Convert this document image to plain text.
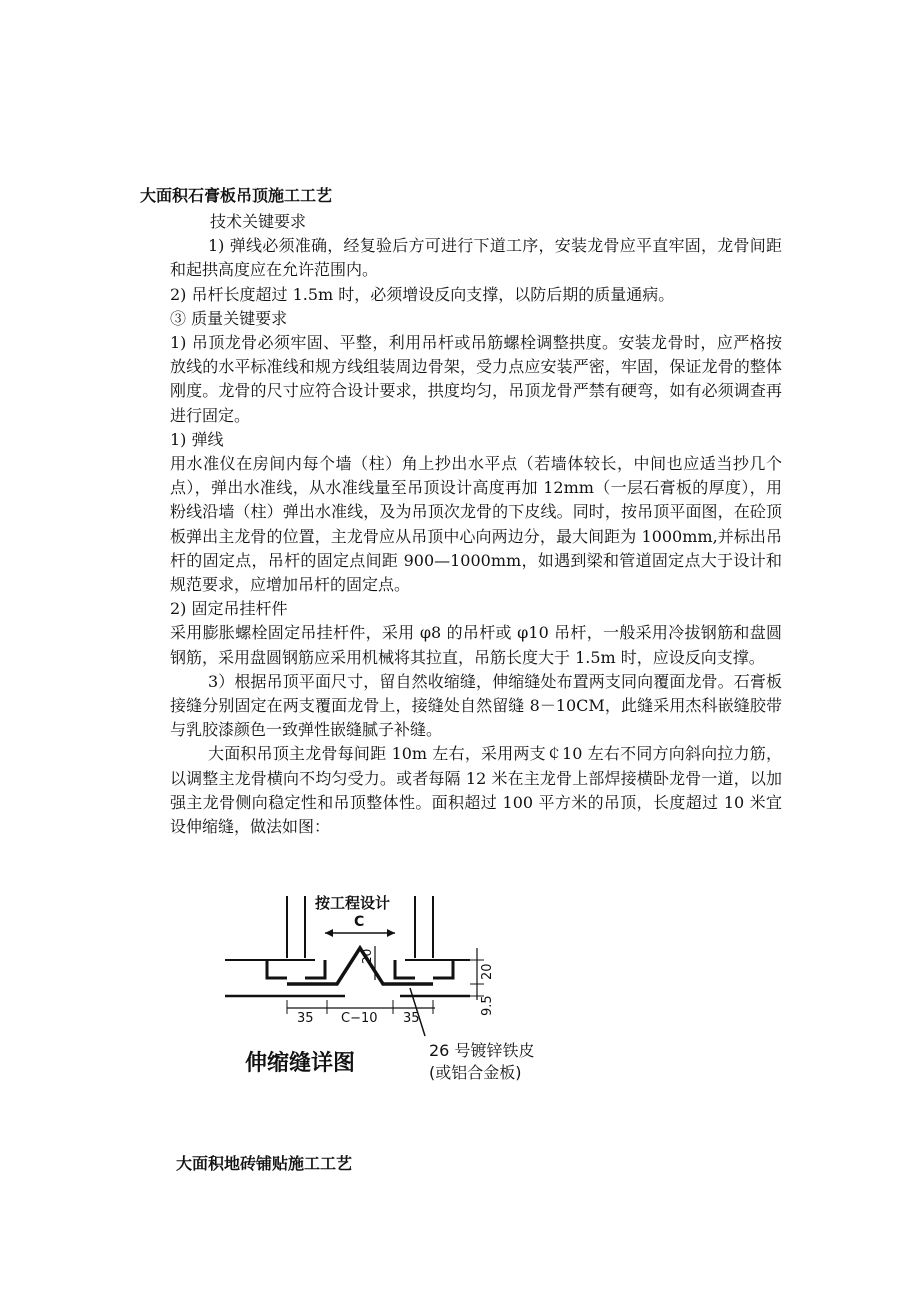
大面积石膏板吊顶施工工艺

技术关键要求

1) 弹线必须准确，经复验后方可进行下道工序，安装龙骨应平直牢固，龙骨间距和起拱高度应在允许范围内。

2) 吊杆长度超过 1.5m 时，必须增设反向支撑，以防后期的质量通病。

③ 质量关键要求

1) 吊顶龙骨必须牢固、平整，利用吊杆或吊筋螺栓调整拱度。安装龙骨时，应严格按放线的水平标准线和规方线组装周边骨架，受力点应安装严密，牢固，保证龙骨的整体刚度。龙骨的尺寸应符合设计要求，拱度均匀，吊顶龙骨严禁有硬弯，如有必须调查再进行固定。

1) 弹线

用水准仪在房间内每个墙（柱）角上抄出水平点（若墙体较长，中间也应适当抄几个点），弹出水准线，从水准线量至吊顶设计高度再加 12mm（一层石膏板的厚度），用粉线沿墙（柱）弹出水准线，及为吊顶次龙骨的下皮线。同时，按吊顶平面图，在砼顶板弹出主龙骨的位置，主龙骨应从吊顶中心向两边分，最大间距为 1000mm,并标出吊杆的固定点，吊杆的固定点间距 900—1000mm，如遇到梁和管道固定点大于设计和规范要求，应增加吊杆的固定点。

2) 固定吊挂杆件

采用膨胀螺栓固定吊挂杆件，采用 φ8 的吊杆或 φ10 吊杆，一般采用冷拔钢筋和盘圆钢筋，采用盘圆钢筋应采用机械将其拉直，吊筋长度大于 1.5m 时，应设反向支撑。

3）根据吊顶平面尺寸，留自然收缩缝，伸缩缝处布置两支同向覆面龙骨。石膏板接缝分别固定在两支覆面龙骨上，接缝处自然留缝 8－10CM，此缝采用杰科嵌缝胶带与乳胶漆颜色一致弹性嵌缝腻子补缝。

大面积吊顶主龙骨每间距 10m 左右，采用两支￠10 左右不同方向斜向拉力筋，以调整主龙骨横向不均匀受力。或者每隔 12 米在主龙骨上部焊接横卧龙骨一道，以加强主龙骨侧向稳定性和吊顶整体性。面积超过 100 平方米的吊顶，长度超过 10 米宜设伸缩缝，做法如图：

按工程设计
C
20
20
9.5
35 C−10 35
伸缩缝详图
26 号镀锌铁皮
(或铝合金板)
大面积地砖铺贴施工工艺
